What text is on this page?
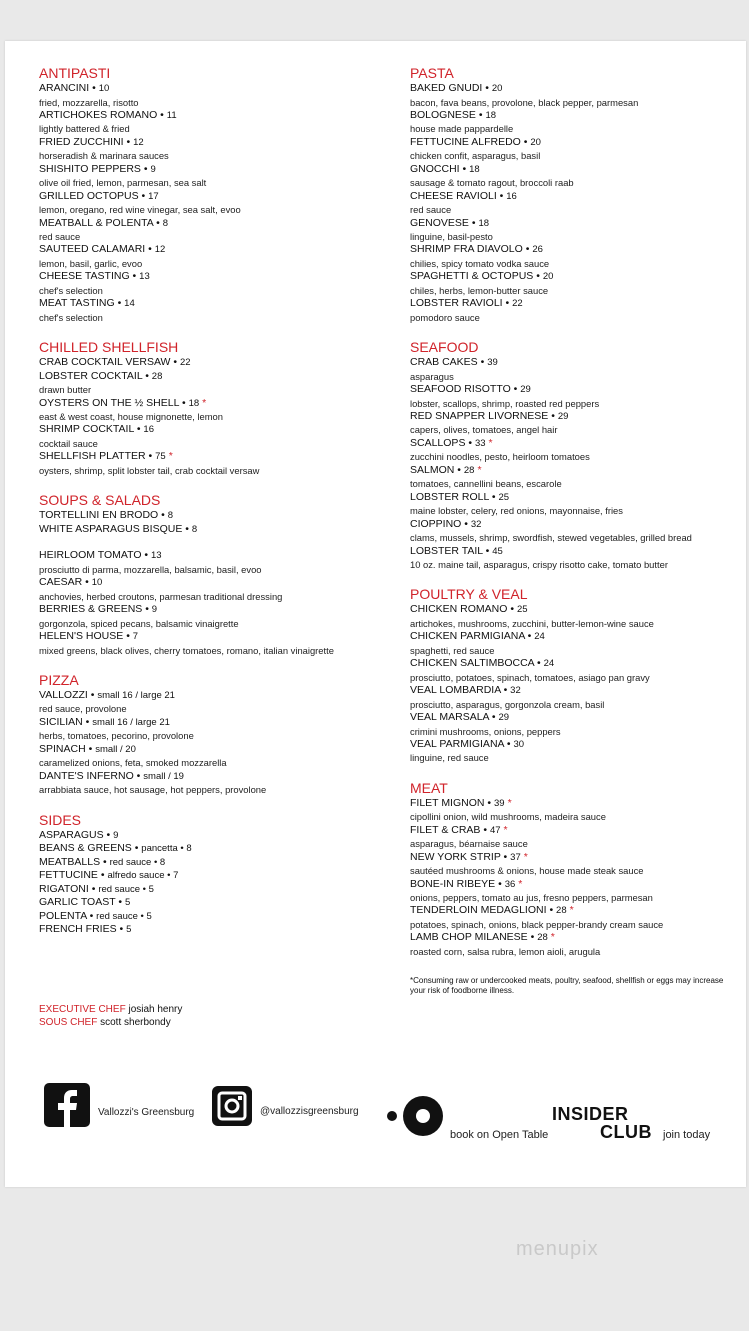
ANTIPASTI
ARANCINI • 10
fried, mozzarella, risotto
ARTICHOKES ROMANO • 11
lightly battered & fried
FRIED ZUCCHINI • 12
horseradish & marinara sauces
SHISHITO PEPPERS • 9
olive oil fried, lemon, parmesan, sea salt
GRILLED OCTOPUS • 17
lemon, oregano, red wine vinegar, sea salt, evoo
MEATBALL & POLENTA • 8
red sauce
SAUTEED CALAMARI • 12
lemon, basil, garlic, evoo
CHEESE TASTING • 13
chef's selection
MEAT TASTING • 14
chef's selection
CHILLED SHELLFISH
CRAB COCKTAIL VERSAW • 22
LOBSTER COCKTAIL • 28
drawn butter
OYSTERS ON THE ½ SHELL • 18 *
east & west coast, house mignonette, lemon
SHRIMP COCKTAIL • 16
cocktail sauce
SHELLFISH PLATTER • 75 *
oysters, shrimp, split lobster tail, crab cocktail versaw
SOUPS & SALADS
TORTELLINI EN BRODO • 8
WHITE ASPARAGUS BISQUE • 8
HEIRLOOM TOMATO • 13
prosciutto di parma, mozzarella, balsamic, basil, evoo
CAESAR • 10
anchovies, herbed croutons, parmesan traditional dressing
BERRIES & GREENS • 9
gorgonzola, spiced pecans, balsamic vinaigrette
HELEN'S HOUSE • 7
mixed greens, black olives, cherry tomatoes, romano, italian vinaigrette
PIZZA
VALLOZZI • small 16 / large 21
red sauce, provolone
SICILIAN • small 16 / large 21
herbs, tomatoes, pecorino, provolone
SPINACH • small / 20
caramelized onions, feta, smoked mozzarella
DANTE'S INFERNO • small / 19
arrabbiata sauce, hot sausage, hot peppers, provolone
SIDES
ASPARAGUS • 9
BEANS & GREENS • pancetta • 8
MEATBALLS • red sauce • 8
FETTUCINE • alfredo sauce • 7
RIGATONI • red sauce • 5
GARLIC TOAST • 5
POLENTA • red sauce • 5
FRENCH FRIES • 5
PASTA
BAKED GNUDI • 20
bacon, fava beans, provolone, black pepper, parmesan
BOLOGNESE • 18
house made pappardelle
FETTUCINE ALFREDO • 20
chicken confit, asparagus, basil
GNOCCHI • 18
sausage & tomato ragout, broccoli raab
CHEESE RAVIOLI • 16
red sauce
GENOVESE • 18
linguine, basil-pesto
SHRIMP FRA DIAVOLO • 26
chilies, spicy tomato vodka sauce
SPAGHETTI & OCTOPUS • 20
chiles, herbs, lemon-butter sauce
LOBSTER RAVIOLI • 22
pomodoro sauce
SEAFOOD
CRAB CAKES • 39
asparagus
SEAFOOD RISOTTO • 29
lobster, scallops, shrimp, roasted red peppers
RED SNAPPER LIVORNESE • 29
capers, olives, tomatoes, angel hair
SCALLOPS • 33 *
zucchini noodles, pesto, heirloom tomatoes
SALMON • 28 *
tomatoes, cannellini beans, escarole
LOBSTER ROLL • 25
maine lobster, celery, red onions, mayonnaise, fries
CIOPPINO • 32
clams, mussels, shrimp, swordfish, stewed vegetables, grilled bread
LOBSTER TAIL • 45
10 oz. maine tail, asparagus, crispy risotto cake, tomato butter
POULTRY & VEAL
CHICKEN ROMANO • 25
artichokes, mushrooms, zucchini, butter-lemon-wine sauce
CHICKEN PARMIGIANA • 24
spaghetti, red sauce
CHICKEN SALTIMBOCCA • 24
prosciutto, potatoes, spinach, tomatoes, asiago pan gravy
VEAL LOMBARDIA • 32
prosciutto, asparagus, gorgonzola cream, basil
VEAL MARSALA • 29
crimini mushrooms, onions, peppers
VEAL PARMIGIANA • 30
linguine, red sauce
MEAT
FILET MIGNON • 39 *
cipollini onion, wild mushrooms, madeira sauce
FILET & CRAB • 47 *
asparagus, béarnaise sauce
NEW YORK STRIP • 37 *
sautéed mushrooms & onions, house made steak sauce
BONE-IN RIBEYE • 36 *
onions, peppers, tomato au jus, fresno peppers, parmesan
TENDERLOIN MEDAGLIONI • 28 *
potatoes, spinach, onions, black pepper-brandy cream sauce
LAMB CHOP MILANESE • 28 *
roasted corn, salsa rubra, lemon aioli, arugula
*Consuming raw or undercooked meats, poultry, seafood, shellfish or eggs may increase your risk of foodborne illness.
EXECUTIVE CHEF josiah henry
SOUS CHEF scott sherbondy
Vallozzi's Greensburg	@vallozzisgreensburg
book on Open Table
INSIDER
CLUB join today
menupix
